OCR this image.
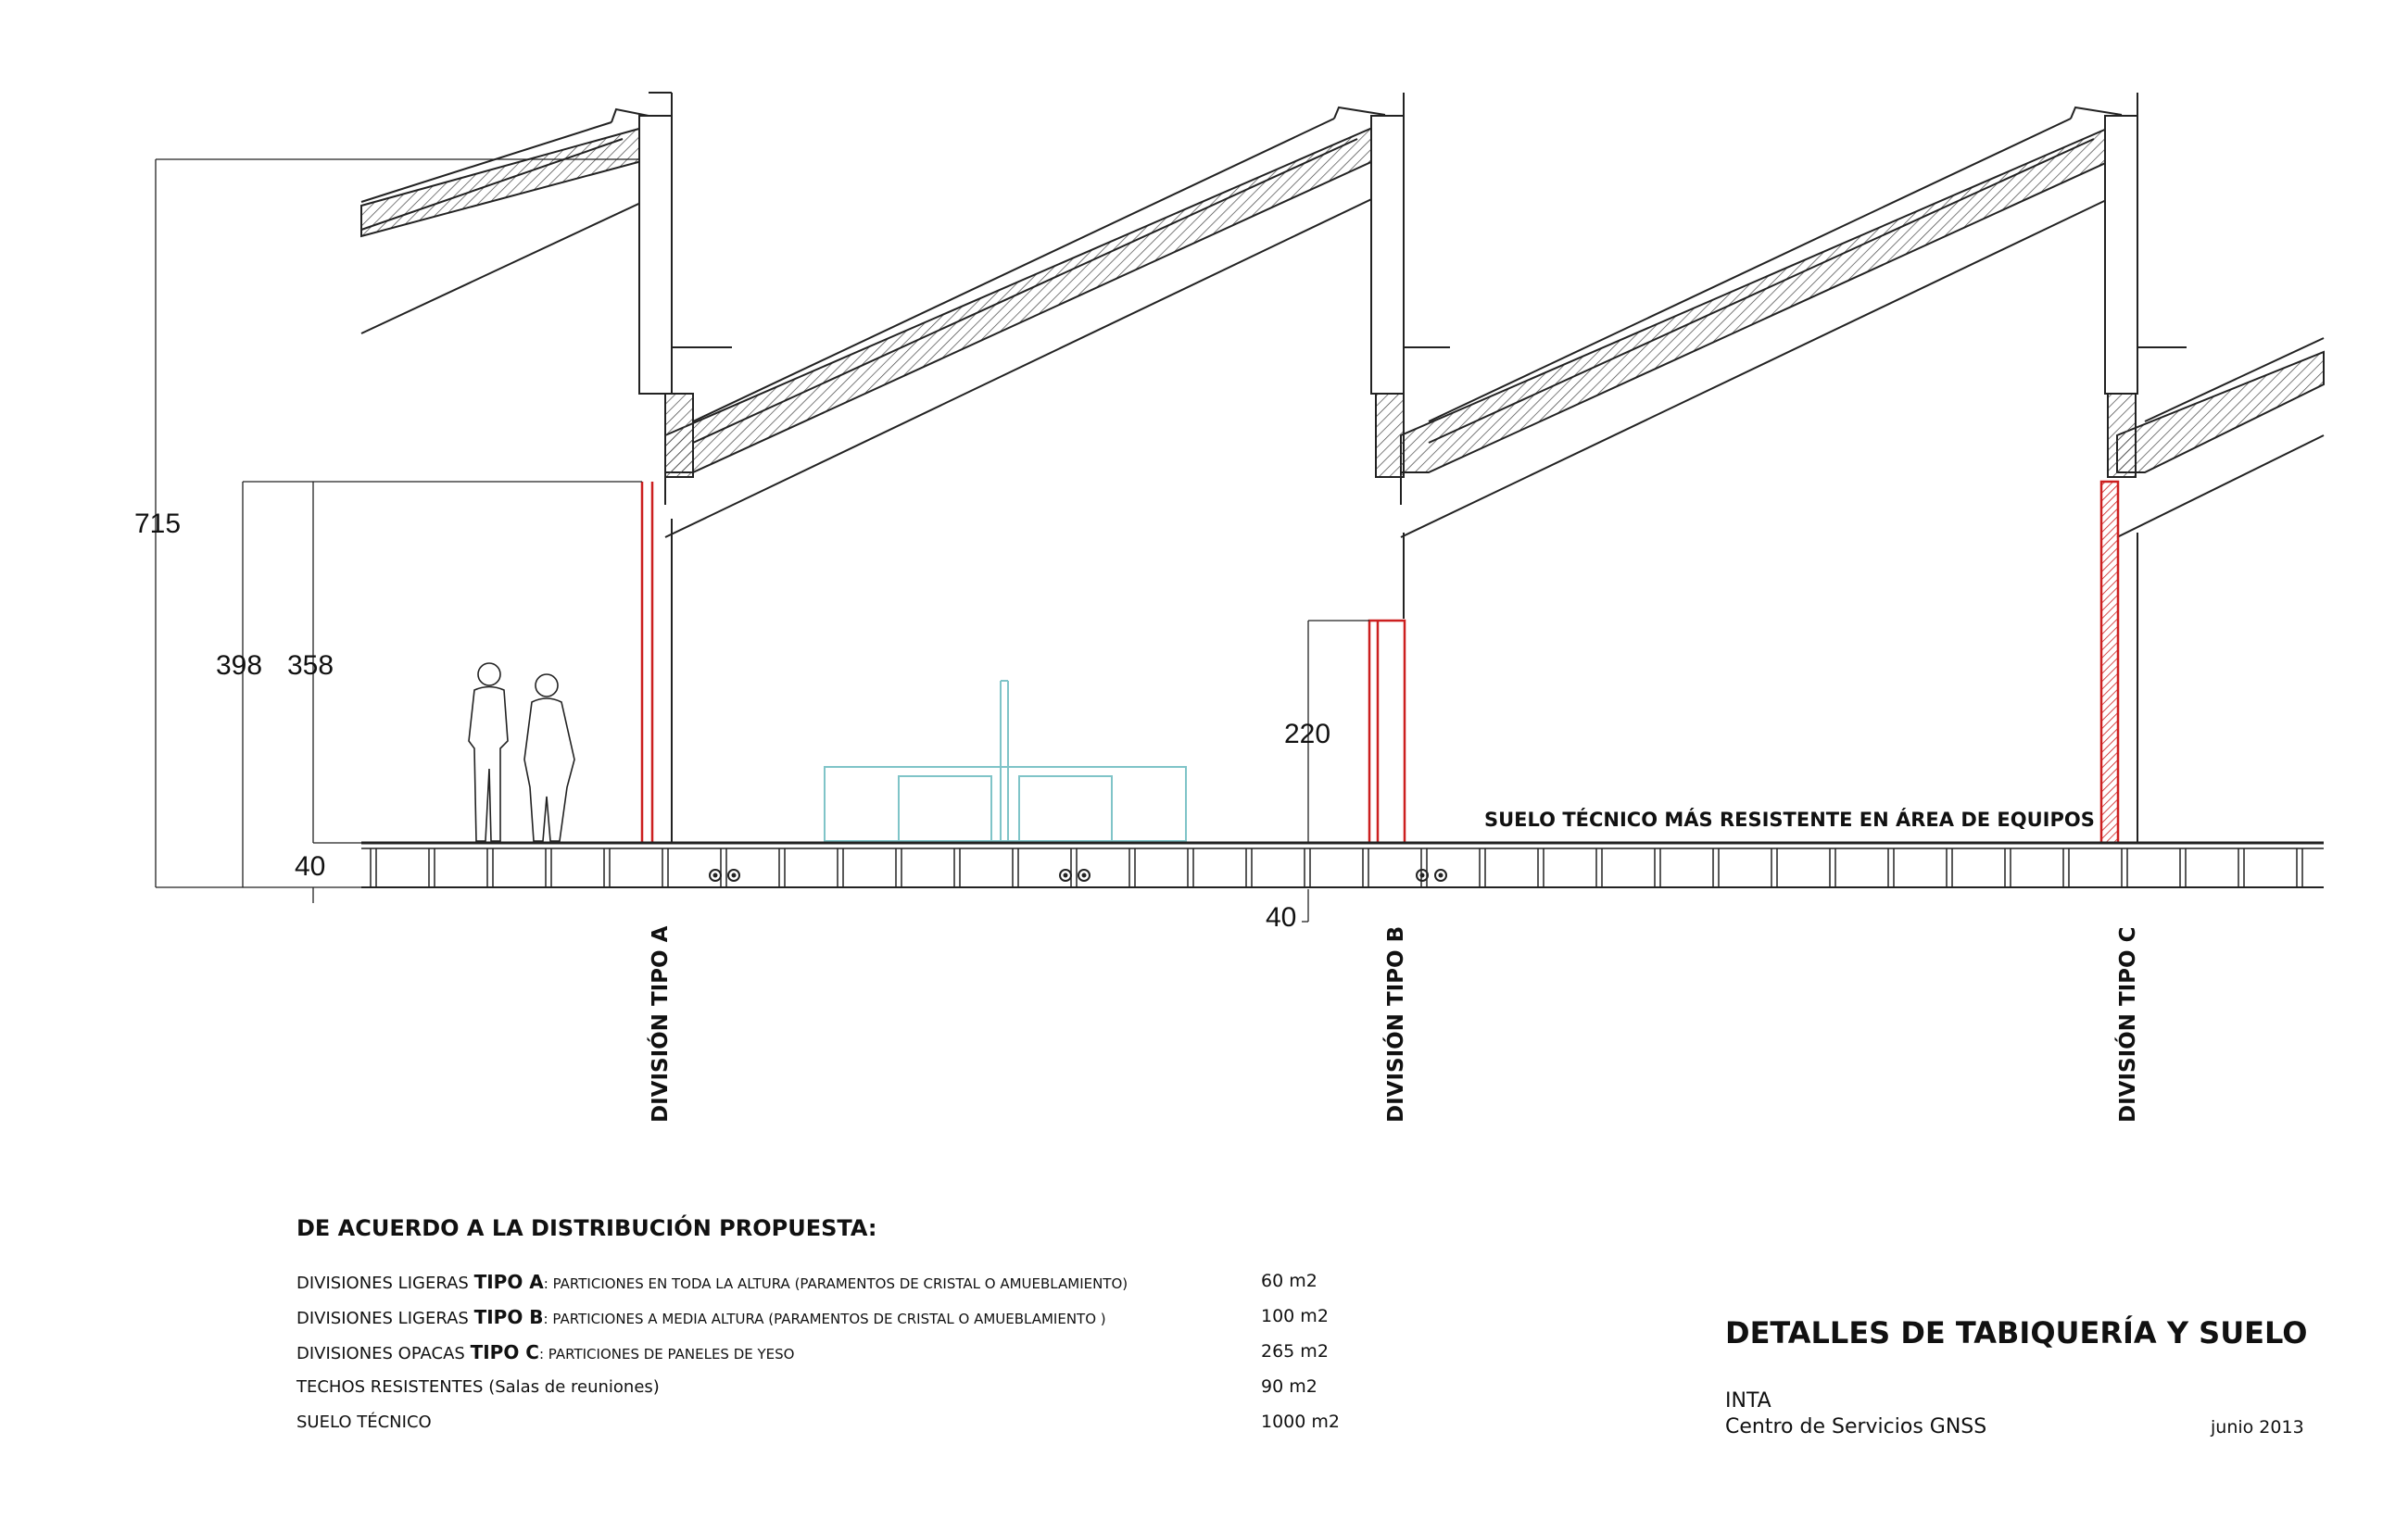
715
398 358
40
220
40
SUELO TÉCNICO MÁS RESISTENTE EN ÁREA DE EQUIPOS
DIVISIÓN TIPO A	DIVISIÓN TIPO B	DIVISIÓN TIPO C
DE ACUERDO A LA DISTRIBUCIÓN PROPUESTA:
DIVISIONES LIGERAS TIPO A: PARTICIONES EN TODA LA ALTURA (PARAMENTOS DE CRISTAL O AMUEBLAMIENTO)	60 m2
DIVISIONES LIGERAS TIPO B: PARTICIONES A MEDIA ALTURA (PARAMENTOS DE CRISTAL O AMUEBLAMIENTO )	100 m2
DIVISIONES OPACAS TIPO C: PARTICIONES DE PANELES DE YESO	265 m2
TECHOS RESISTENTES (Salas de reuniones)	90 m2
SUELO TÉCNICO	1000 m2
DETALLES DE TABIQUERÍA Y SUELO
INTA
Centro de Servicios GNSS	junio 2013
